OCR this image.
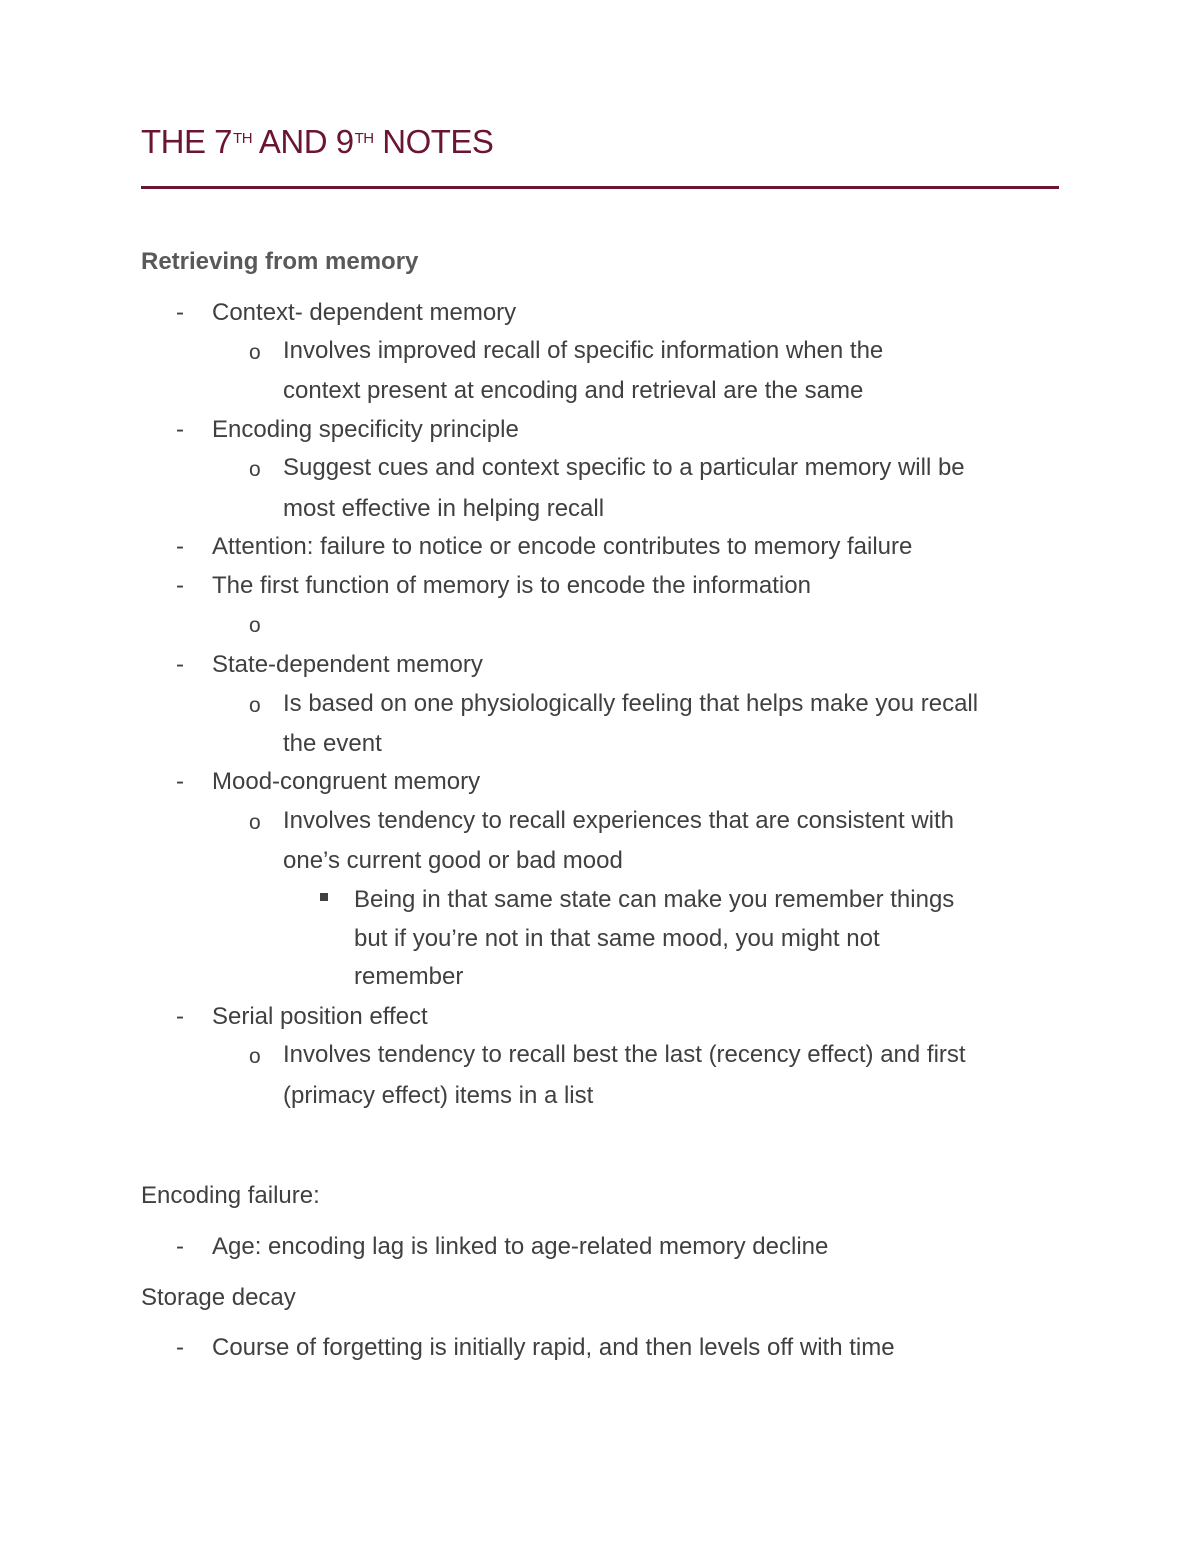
THE 7TH AND 9TH NOTES

Retrieving from memory

- Context- dependent memory

o Involves improved recall of specific information when the

context present at encoding and retrieval are the same

- Encoding specificity principle

o Suggest cues and context specific to a particular memory will be

most effective in helping recall

- Attention: failure to notice or encode contributes to memory failure

- The first function of memory is to encode the information

o

- State-dependent memory

o Is based on one physiologically feeling that helps make you recall

the event

- Mood-congruent memory

o Involves tendency to recall experiences that are consistent with

one’s current good or bad mood

Being in that same state can make you remember things

but if you’re not in that same mood, you might not

remember

- Serial position effect

o Involves tendency to recall best the last (recency effect) and first

(primacy effect) items in a list

Encoding failure:

- Age: encoding lag is linked to age-related memory decline

Storage decay

- Course of forgetting is initially rapid, and then levels off with time
